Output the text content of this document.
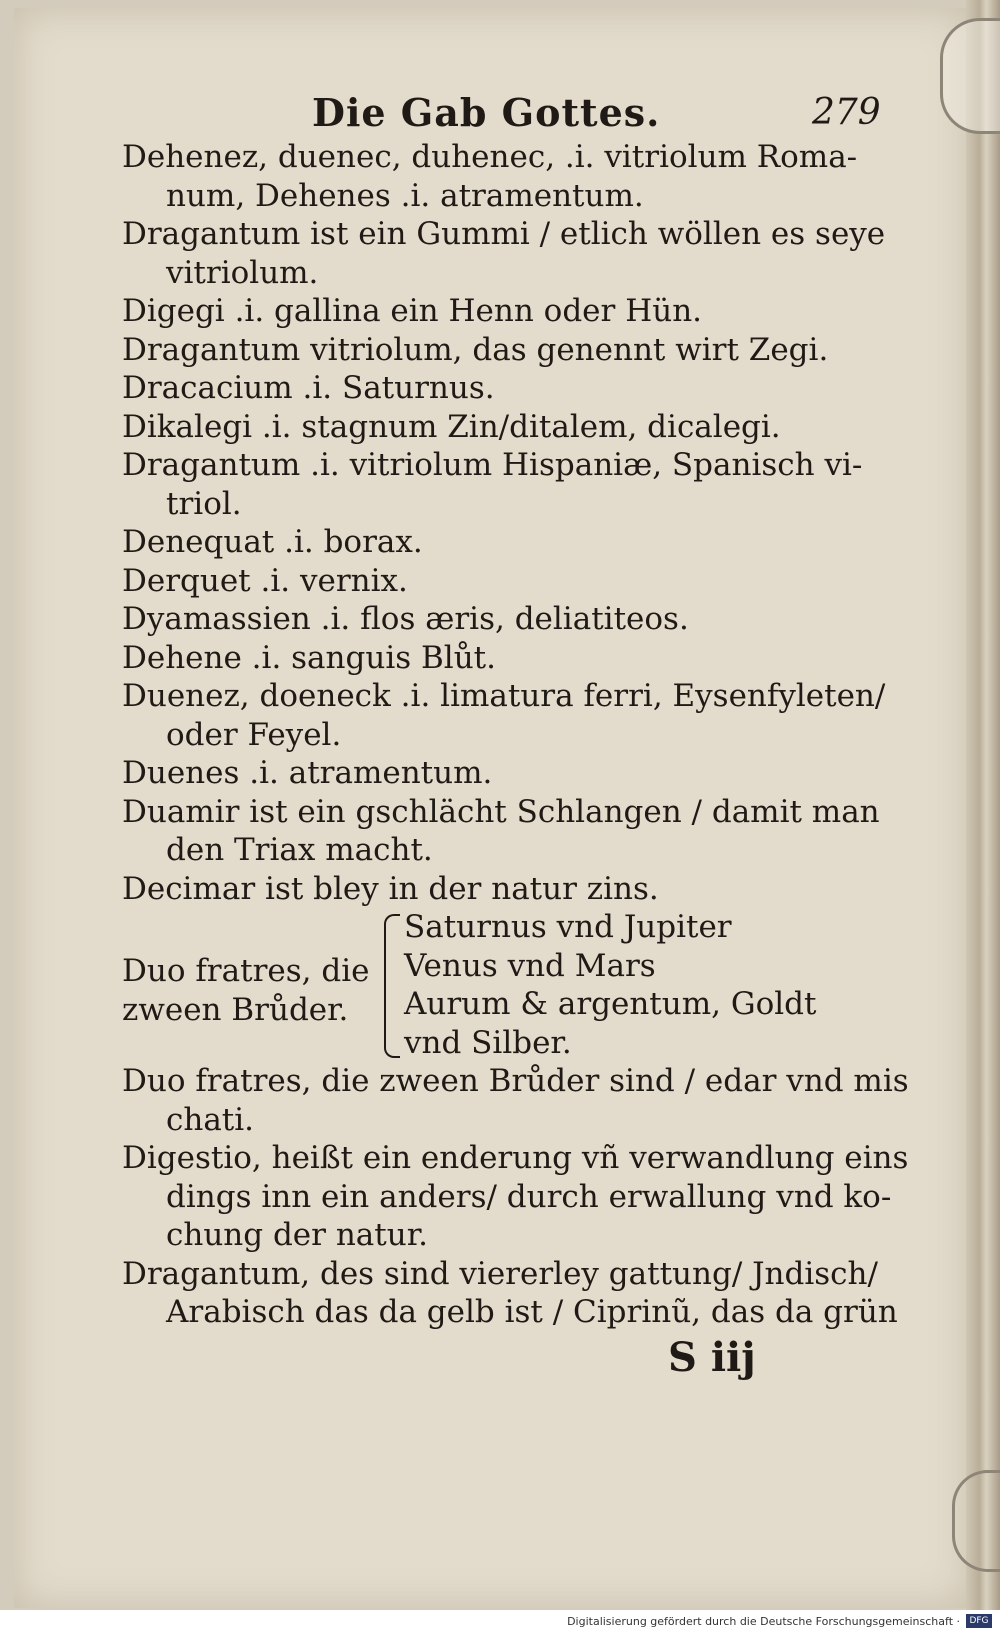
Die Gab Gottes.	279
Dehenez, duenec, duhenec, .i. vitriolum Roma-
num, Dehenes .i. atramentum.
Dragantum ist ein Gummi / etlich wöllen es seye
vitriolum.
Digegi .i. gallina ein Henn oder Hün.
Dragantum vitriolum, das genennt wirt Zegi.
Dracacium .i. Saturnus.
Dikalegi .i. stagnum Zin/ditalem, dicalegi.
Dragantum .i. vitriolum Hispaniæ, Spanisch vi-
triol.
Denequat .i. borax.
Derquet .i. vernix.
Dyamassien .i. flos æris, deliatiteos.
Dehene .i. sanguis Blůt.
Duenez, doeneck .i. limatura ferri, Eysenfyleten/
oder Feyel.
Duenes .i. atramentum.
Duamir ist ein gschlächt Schlangen / damit man
den Triax macht.
Decimar ist bley in der natur zins.
Duo fratres, die
zween Brůder.
Saturnus vnd Jupiter
Venus vnd Mars
Aurum & argentum, Goldt
vnd Silber.
Duo fratres, die zween Brůder sind / edar vnd mis
chati.
Digestio, heißt ein enderung vñ verwandlung eins
dings inn ein anders/ durch erwallung vnd ko-
chung der natur.
Dragantum, des sind viererley gattung/ Jndisch/
Arabisch das da gelb ist / Ciprinũ, das da grün
S iij
Digitalisierung gefördert durch die Deutsche Forschungsgemeinschaft ·	DFG
